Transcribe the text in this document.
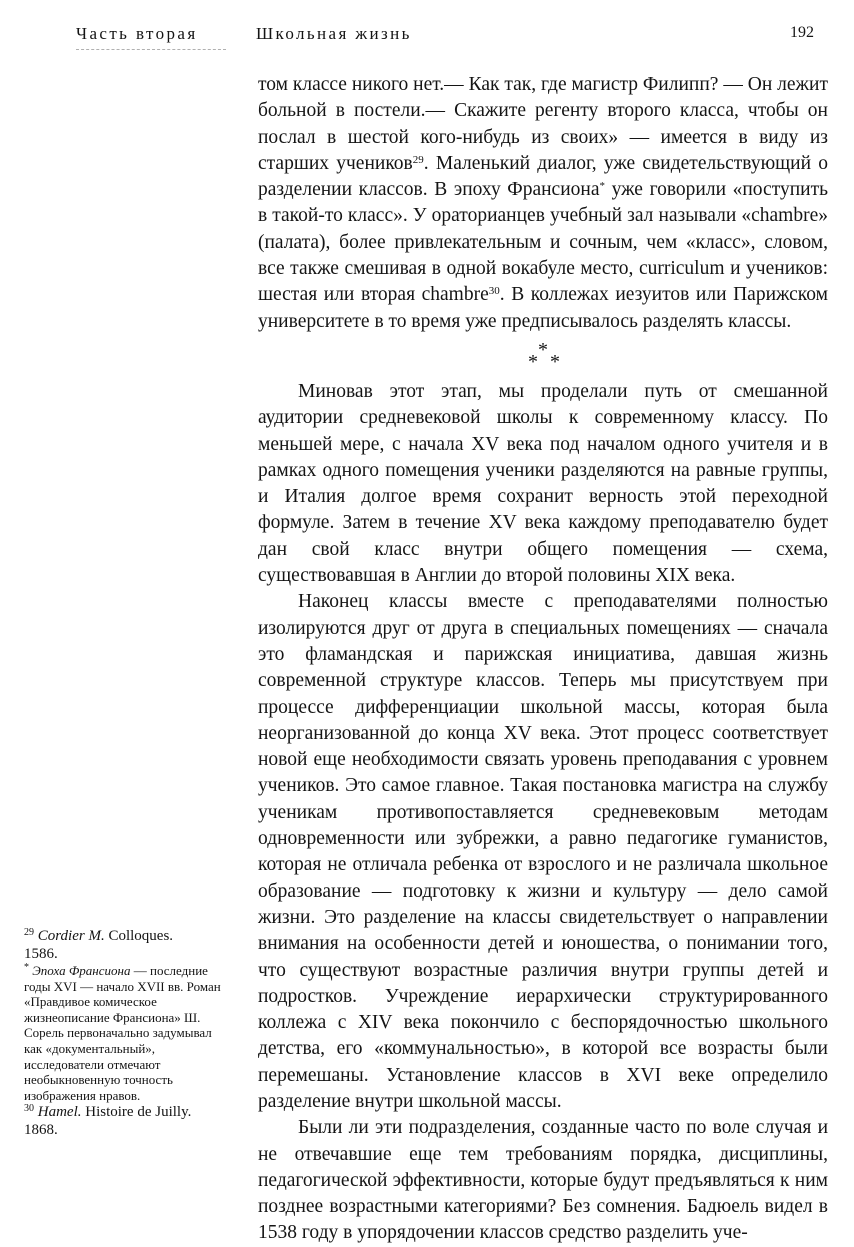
Часть вторая	Школьная жизнь	192

том классе никого нет.— Как так, где магистр Филипп? — Он лежит больной в постели.— Скажите регенту второго класса, чтобы он послал в шестой кого-нибудь из своих» — имеется в виду из старших учеников$^{29}$. Маленький диалог, уже свидетельствующий о разделении классов. В эпоху Франсиона* уже говорили «поступить в такой-то класс». У ораторианцев учебный зал называли «chambre» (палата), более привлекательным и сочным, чем «класс», словом, все также смешивая в одной вокабуле место, curriculum и учеников: шестая или вторая chambre$^{30}$. В коллежах иезуитов или Парижском университете в то время уже предписывалось разделять классы.

*
* *

Миновав этот этап, мы проделали путь от смешанной аудитории средневековой школы к современному классу. По меньшей мере, с начала XV века под началом одного учителя и в рамках одного помещения ученики разделяются на равные группы, и Италия долгое время сохранит верность этой переходной формуле. Затем в течение XV века каждому преподавателю будет дан свой класс внутри общего помещения — схема, существовавшая в Англии до второй половины XIX века.

Наконец классы вместе с преподавателями полностью изолируются друг от друга в специальных помещениях — сначала это фламандская и парижская инициатива, давшая жизнь современной структуре классов. Теперь мы присутствуем при процессе дифференциации школьной массы, которая была неорганизованной до конца XV века. Этот процесс соответствует новой еще необходимости связать уровень преподавания с уровнем учеников. Это самое главное. Такая постановка магистра на службу ученикам противопоставляется средневековым методам одновременности или зубрежки, а равно педагогике гуманистов, которая не отличала ребенка от взрослого и не различала школьное образование — подготовку к жизни и культуру — дело самой жизни. Это разделение на классы свидетельствует о направлении внимания на особенности детей и юношества, о понимании того, что существуют возрастные различия внутри группы детей и подростков. Учреждение иерархически структурированного коллежа с XIV века покончило с беспорядочностью школьного детства, его «коммунальностью», в которой все возрасты были перемешаны. Установление классов в XVI веке определило разделение внутри школьной массы.

Были ли эти подразделения, созданные часто по воле случая и не отвечавшие еще тем требованиям порядка, дисциплины, педагогической эффективности, которые будут предъявляться к ним позднее возрастными категориями? Без сомнения. Бадюель видел в 1538 году в упорядочении классов средство разделить уче-

$^{29}$ Cordier M. Colloques.
1586.

* Эпоха Франсиона — последние годы XVI — начало XVII вв. Роман «Правдивое комическое жизнеописание Франсиона» Ш. Сорель первоначально задумывал как «документальный», исследователи отмечают необыкновенную точность изображения нравов.

$^{30}$ Hamel. Histoire de Juilly.
1868.
